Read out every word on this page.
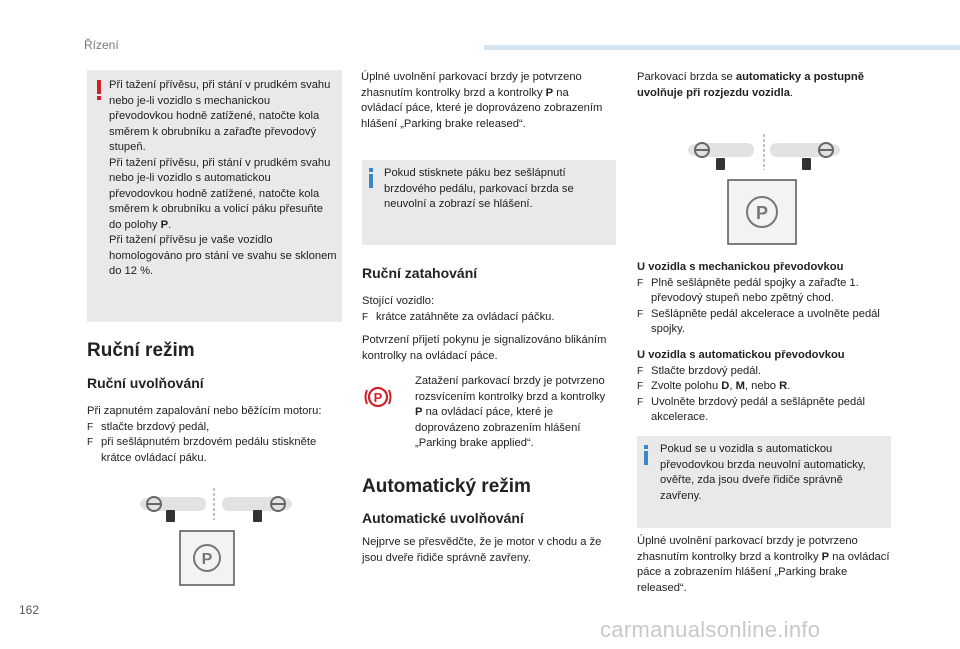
Řízení

Při tažení přívěsu, při stání v prudkém svahu nebo je-li vozidlo s mechanickou převodovkou hodně zatížené, natočte kola směrem k obrubníku a zařaďte převodový stupeň.

Při tažení přívěsu, při stání v prudkém svahu nebo je-li vozidlo s automatickou převodovkou hodně zatížené, natočte kola směrem k obrubníku a volicí páku přesuňte do polohy P.

Při tažení přívěsu je vaše vozidlo homologováno pro stání ve svahu se sklonem do 12 %.

Ruční režim
Ruční uvolňování

Při zapnutém zapalování nebo běžícím motoru:

F stlačte brzdový pedál,
F při sešlápnutém brzdovém pedálu stiskněte krátce ovládací páku.
P

Úplné uvolnění parkovací brzdy je potvrzeno zhasnutím kontrolky brzd a kontrolky P na ovládací páce, které je doprovázeno zobrazením hlášení „Parking brake released“.

Pokud stisknete páku bez sešlápnutí brzdového pedálu, parkovací brzda se neuvolní a zobrazí se hlášení.
Ruční zatahování

Stojící vozidlo:

F krátce zatáhněte za ovládací páčku.
Potvrzení přijetí pokynu je signalizováno blikáním kontrolky na ovládací páce.
P

Zatažení parkovací brzdy je potvrzeno rozsvícením kontrolky brzd a kontrolky P na ovládací páce, které je doprovázeno zobrazením hlášení „Parking brake applied“.

Automatický režim
Automatické uvolňování
Nejprve se přesvědčte, že je motor v chodu a že jsou dveře řidiče správně zavřeny.

Parkovací brzda se automaticky a postupně uvolňuje při rozjezdu vozidla.

P

U vozidla s mechanickou převodovkou

F Plně sešlápněte pedál spojky a zařaďte 1. převodový stupeň nebo zpětný chod.
F Sešlápněte pedál akcelerace a uvolněte pedál spojky.

U vozidla s automatickou převodovkou

F Stlačte brzdový pedál.
F Zvolte polohu D, M, nebo R.
F Uvolněte brzdový pedál a sešlápněte pedál akcelerace.
Pokud se u vozidla s automatickou převodovkou brzda neuvolní automaticky, ověřte, zda jsou dveře řidiče správně zavřeny.

Úplné uvolnění parkovací brzdy je potvrzeno zhasnutím kontrolky brzd a kontrolky P na ovládací páce a zobrazením hlášení „Parking brake released“.

162
carmanualsonline.info
